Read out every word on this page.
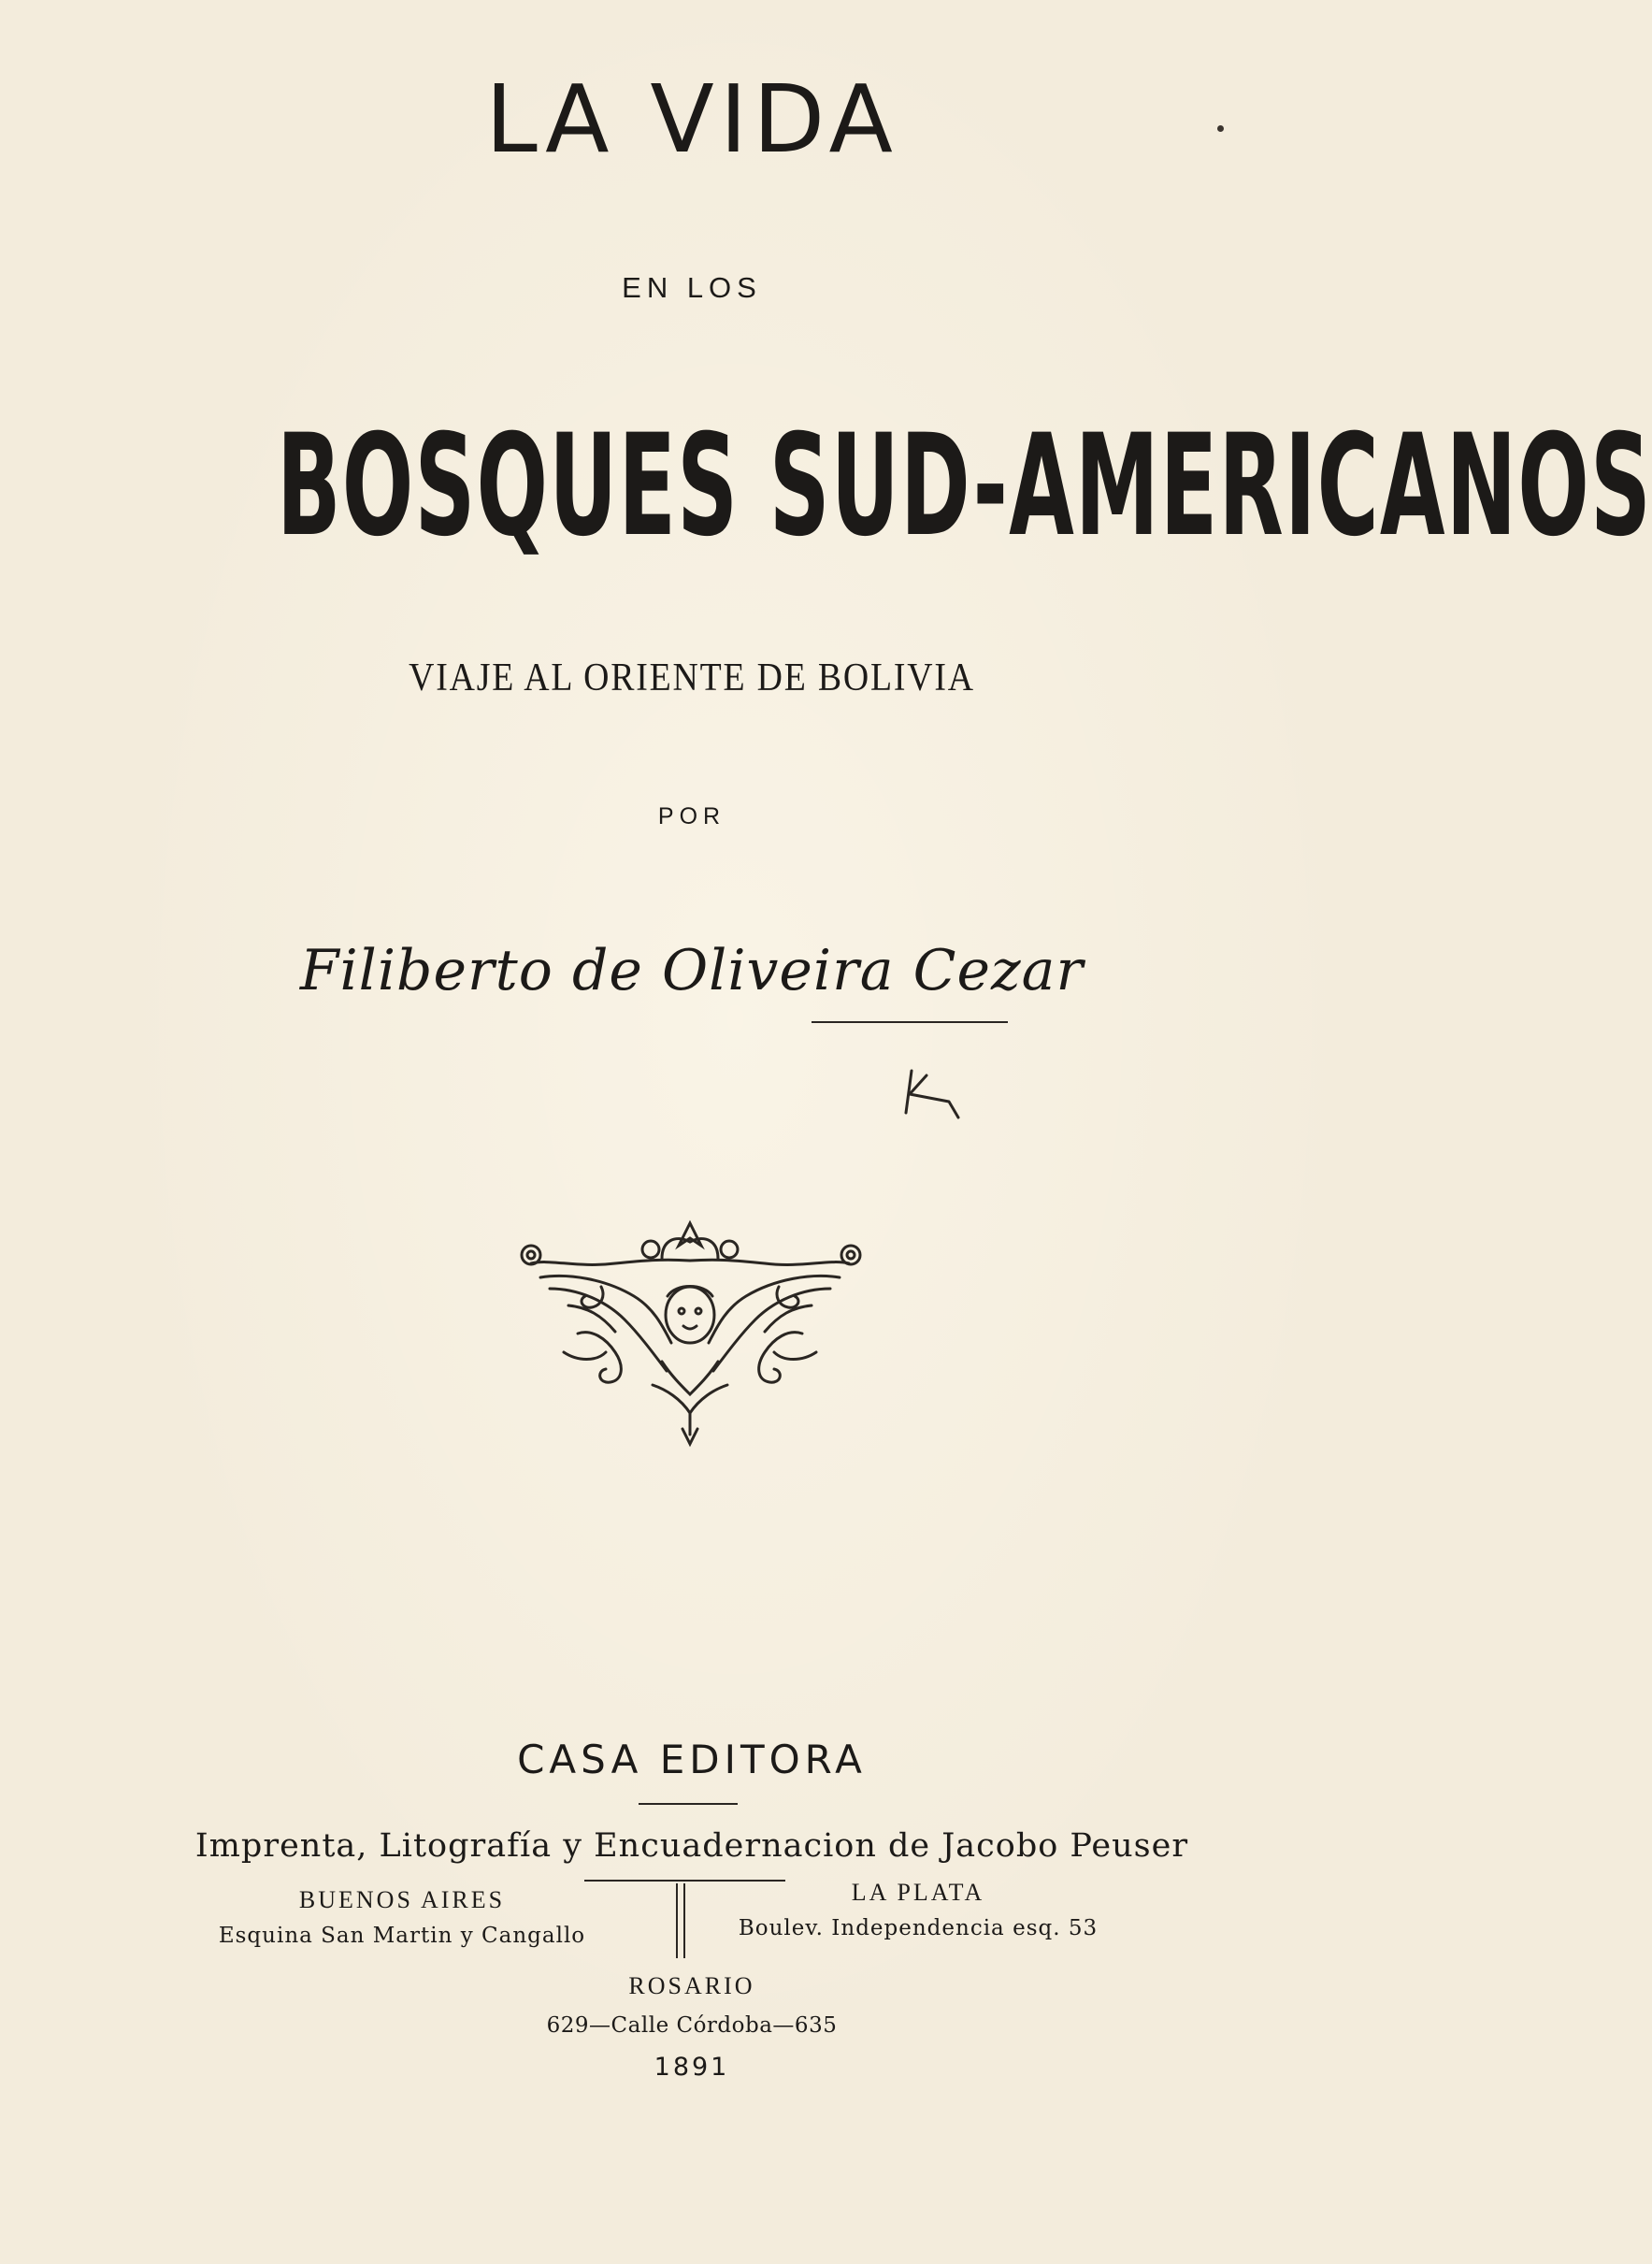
LA VIDA
EN LOS
BOSQUES SUD-AMERICANOS
VIAJE AL ORIENTE DE BOLIVIA
POR
Filiberto de Oliveira Cezar
CASA EDITORA
Imprenta, Litografía y Encuadernacion de Jacobo Peuser
BUENOS AIRES
Esquina San Martin y Cangallo
LA PLATA
Boulev. Independencia esq. 53
ROSARIO
629—Calle Córdoba—635
1891
